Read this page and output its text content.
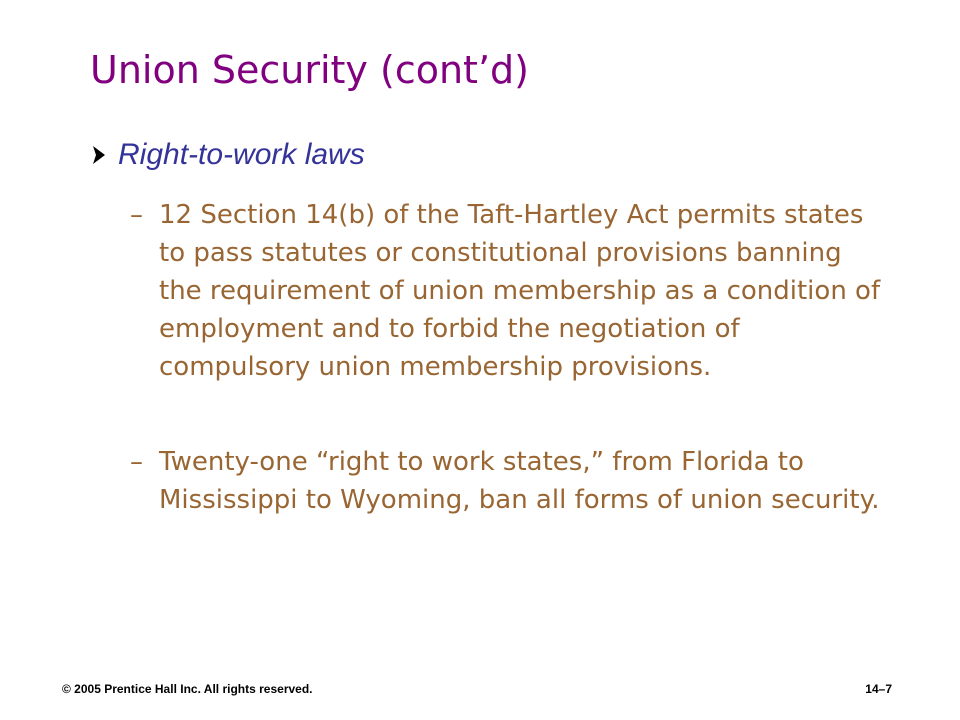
Union Security (cont’d)
Right-to-work laws
– 12 Section 14(b) of the Taft-Hartley Act permits states to pass statutes or constitutional provisions banning the requirement of union membership as a condition of employment and to forbid the negotiation of compulsory union membership provisions.
– Twenty-one “right to work states,” from Florida to Mississippi to Wyoming, ban all forms of union security.
© 2005 Prentice Hall Inc. All rights reserved.	14–7
